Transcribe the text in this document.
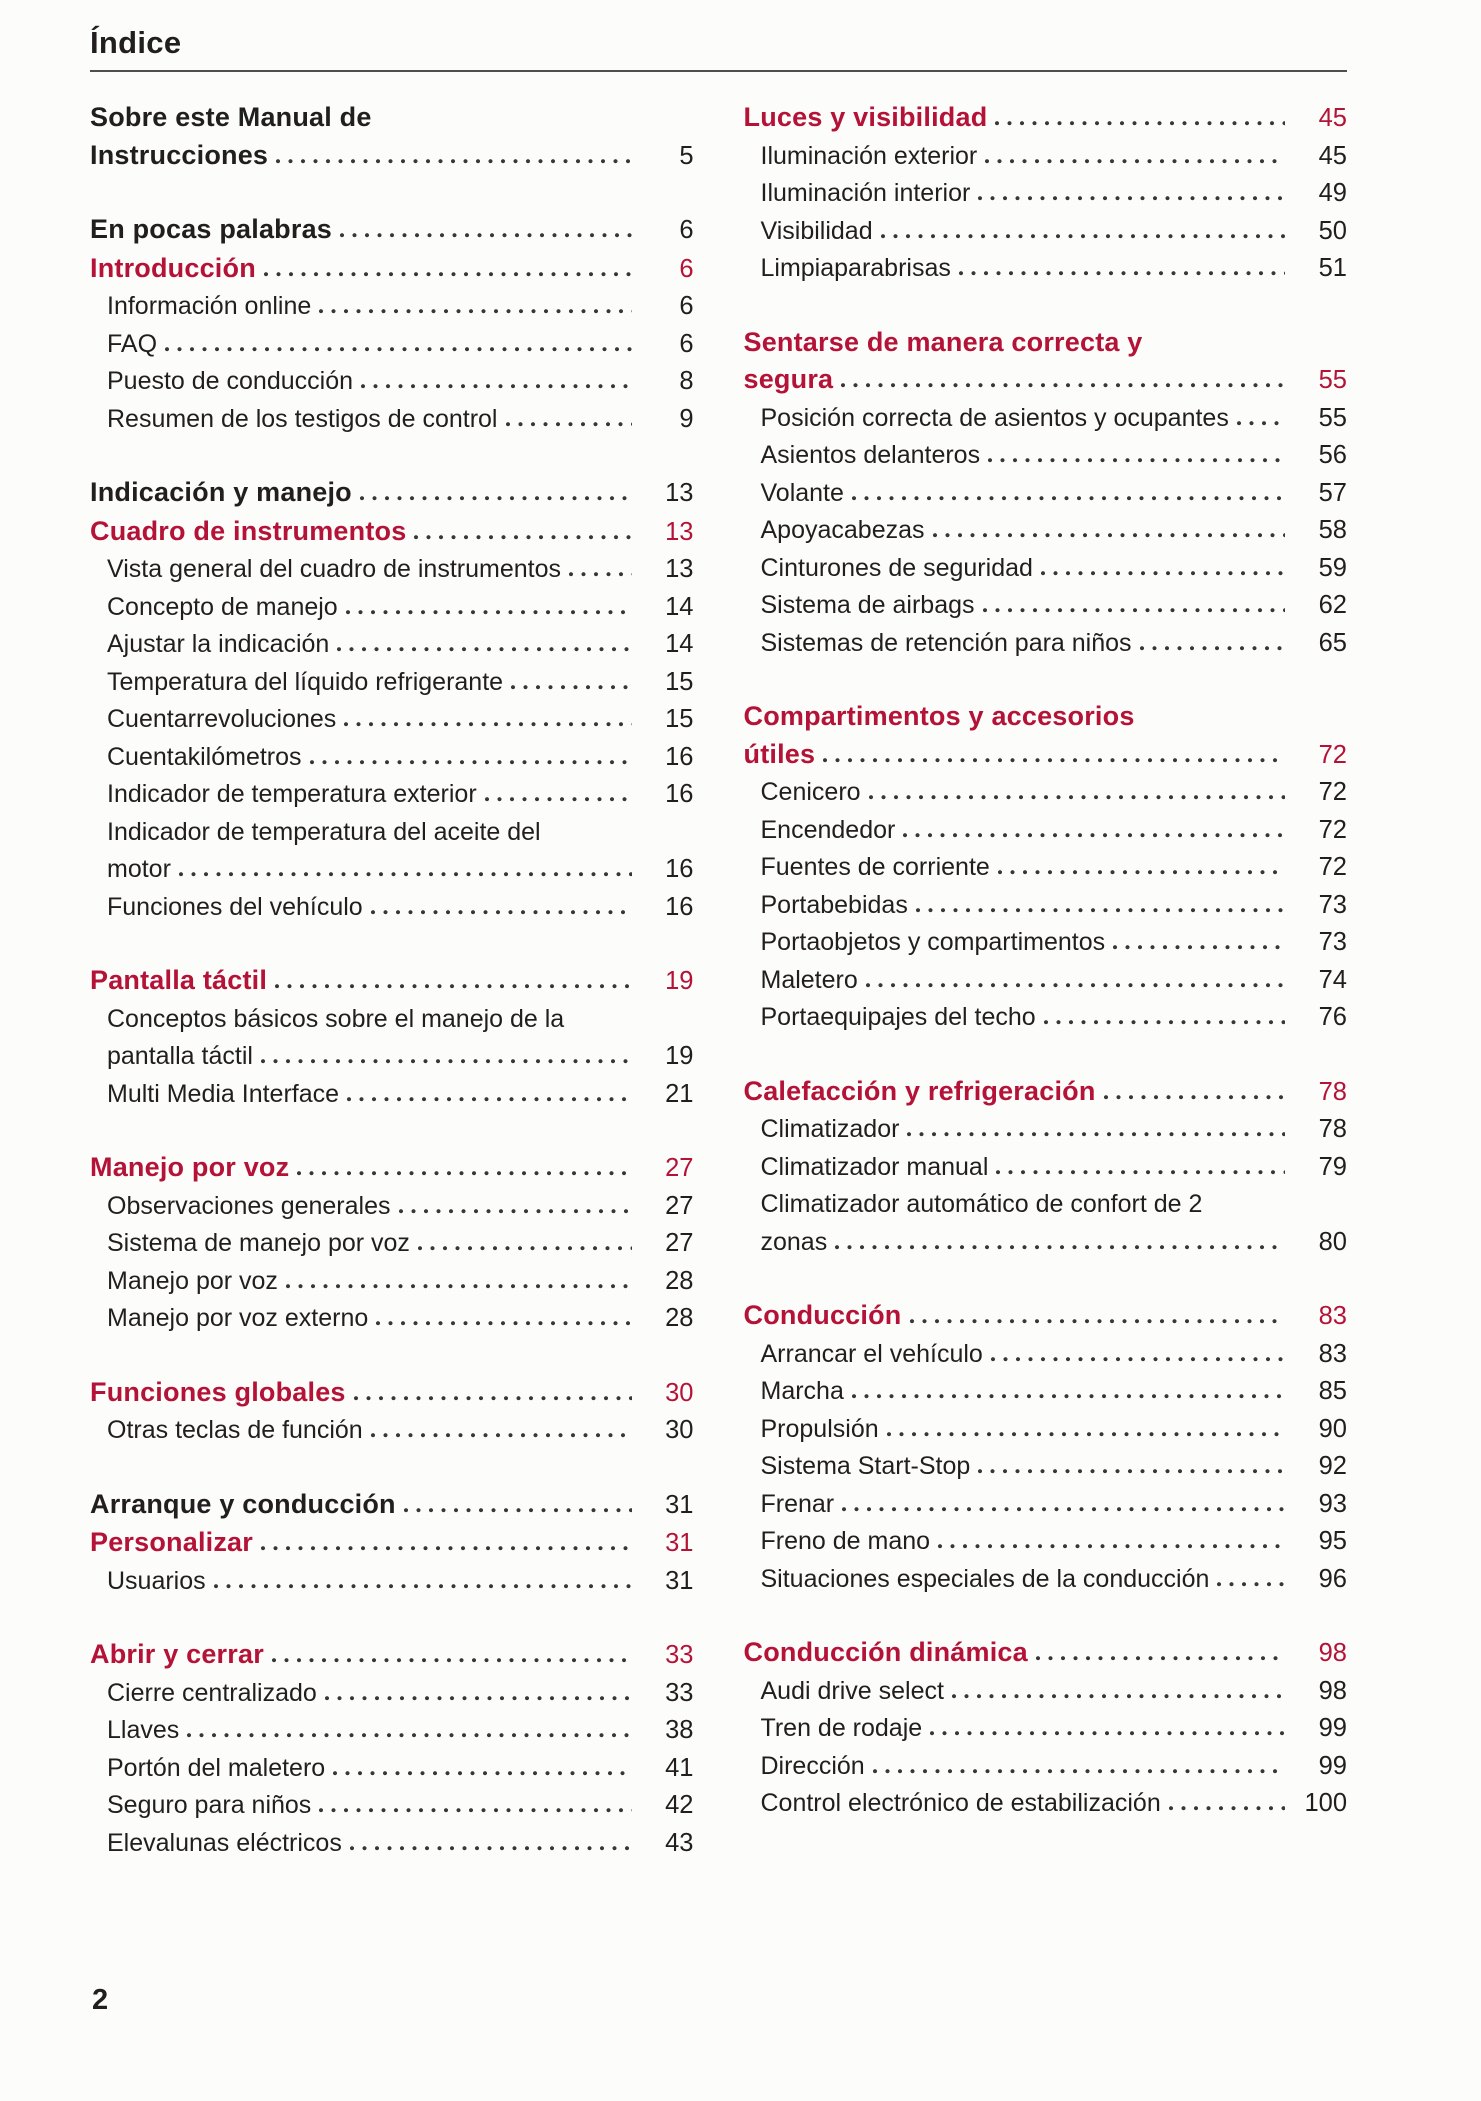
Índice
Sobre este Manual de
Instrucciones	5
En pocas palabras	6
Introducción	6
Información online	6
FAQ	6
Puesto de conducción	8
Resumen de los testigos de control	9
Indicación y manejo	13
Cuadro de instrumentos	13
Vista general del cuadro de instrumentos	13
Concepto de manejo	14
Ajustar la indicación	14
Temperatura del líquido refrigerante	15
Cuentarrevoluciones	15
Cuentakilómetros	16
Indicador de temperatura exterior	16
Indicador de temperatura del aceite del
motor	16
Funciones del vehículo	16
Pantalla táctil	19
Conceptos básicos sobre el manejo de la
pantalla táctil	19
Multi Media Interface	21
Manejo por voz	27
Observaciones generales	27
Sistema de manejo por voz	27
Manejo por voz	28
Manejo por voz externo	28
Funciones globales	30
Otras teclas de función	30
Arranque y conducción	31
Personalizar	31
Usuarios	31
Abrir y cerrar	33
Cierre centralizado	33
Llaves	38
Portón del maletero	41
Seguro para niños	42
Elevalunas eléctricos	43
Luces y visibilidad	45
Iluminación exterior	45
Iluminación interior	49
Visibilidad	50
Limpiaparabrisas	51
Sentarse de manera correcta y
segura	55
Posición correcta de asientos y ocupantes	55
Asientos delanteros	56
Volante	57
Apoyacabezas	58
Cinturones de seguridad	59
Sistema de airbags	62
Sistemas de retención para niños	65
Compartimentos y accesorios
útiles	72
Cenicero	72
Encendedor	72
Fuentes de corriente	72
Portabebidas	73
Portaobjetos y compartimentos	73
Maletero	74
Portaequipajes del techo	76
Calefacción y refrigeración	78
Climatizador	78
Climatizador manual	79
Climatizador automático de confort de 2
zonas	80
Conducción	83
Arrancar el vehículo	83
Marcha	85
Propulsión	90
Sistema Start-Stop	92
Frenar	93
Freno de mano	95
Situaciones especiales de la conducción	96
Conducción dinámica	98
Audi drive select	98
Tren de rodaje	99
Dirección	99
Control electrónico de estabilización	100
2
